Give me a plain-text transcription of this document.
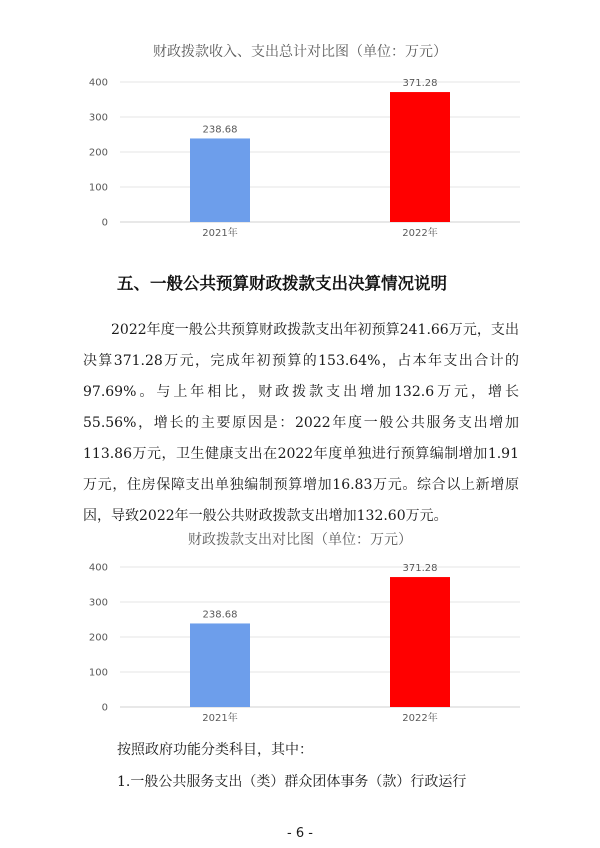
财政拨款收入、支出总计对比图（单位：万元）
0
100
200
300
400
238.68
2021年
371.28
2022年
五、一般公共预算财政拨款支出决算情况说明

2022年度一般公共预算财政拨款支出年初预算241.66万元，支出决算371.28万元，完成年初预算的153.64%，占本年支出合计的97.69%。与上年相比，财政拨款支出增加132.6万元，增长55.56%，增长的主要原因是：2022年度一般公共服务支出增加113.86万元，卫生健康支出在2022年度单独进行预算编制增加1.91万元，住房保障支出单独编制预算增加16.83万元。综合以上新增原因，导致2022年一般公共财政拨款支出增加132.60万元。

财政拨款支出对比图（单位：万元）
0
100
200
300
400
238.68
2021年
371.28
2022年
按照政府功能分类科目，其中：
1.一般公共服务支出（类）群众团体事务（款）行政运行
- 6 -
